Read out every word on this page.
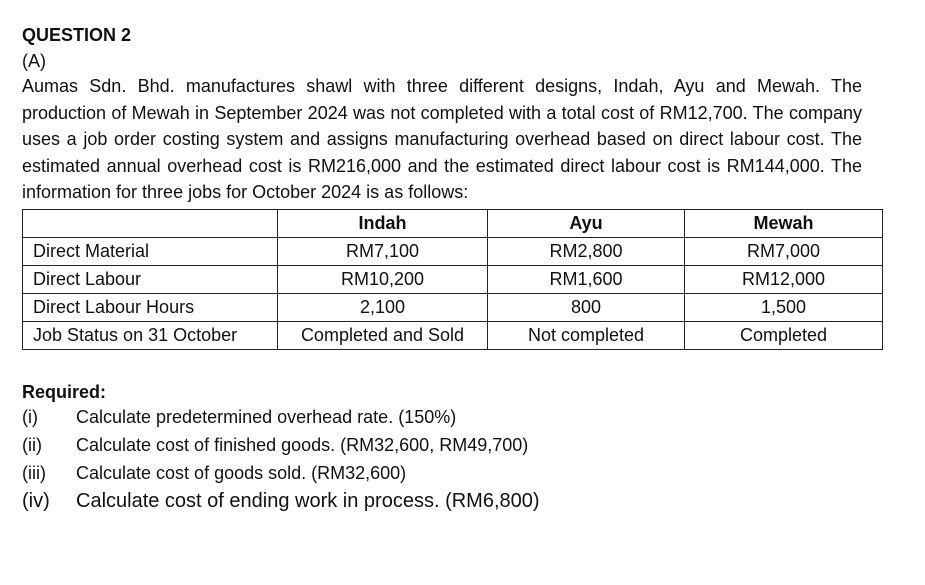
QUESTION 2
(A)
Aumas Sdn. Bhd. manufactures shawl with three different designs, Indah, Ayu and Mewah. The production of Mewah in September 2024 was not completed with a total cost of RM12,700. The company uses a job order costing system and assigns manufacturing overhead based on direct labour cost. The estimated annual overhead cost is RM216,000 and the estimated direct labour cost is RM144,000. The information for three jobs for October 2024 is as follows:
	Indah	Ayu	Mewah
Direct Material	RM7,100	RM2,800	RM7,000
Direct Labour	RM10,200	RM1,600	RM12,000
Direct Labour Hours	2,100	800	1,500
Job Status on 31 October	Completed and Sold	Not completed	Completed
Required:
(i)	Calculate predetermined overhead rate. (150%)
(ii)	Calculate cost of finished goods. (RM32,600, RM49,700)
(iii)	Calculate cost of goods sold. (RM32,600)
(iv)	Calculate cost of ending work in process. (RM6,800)
